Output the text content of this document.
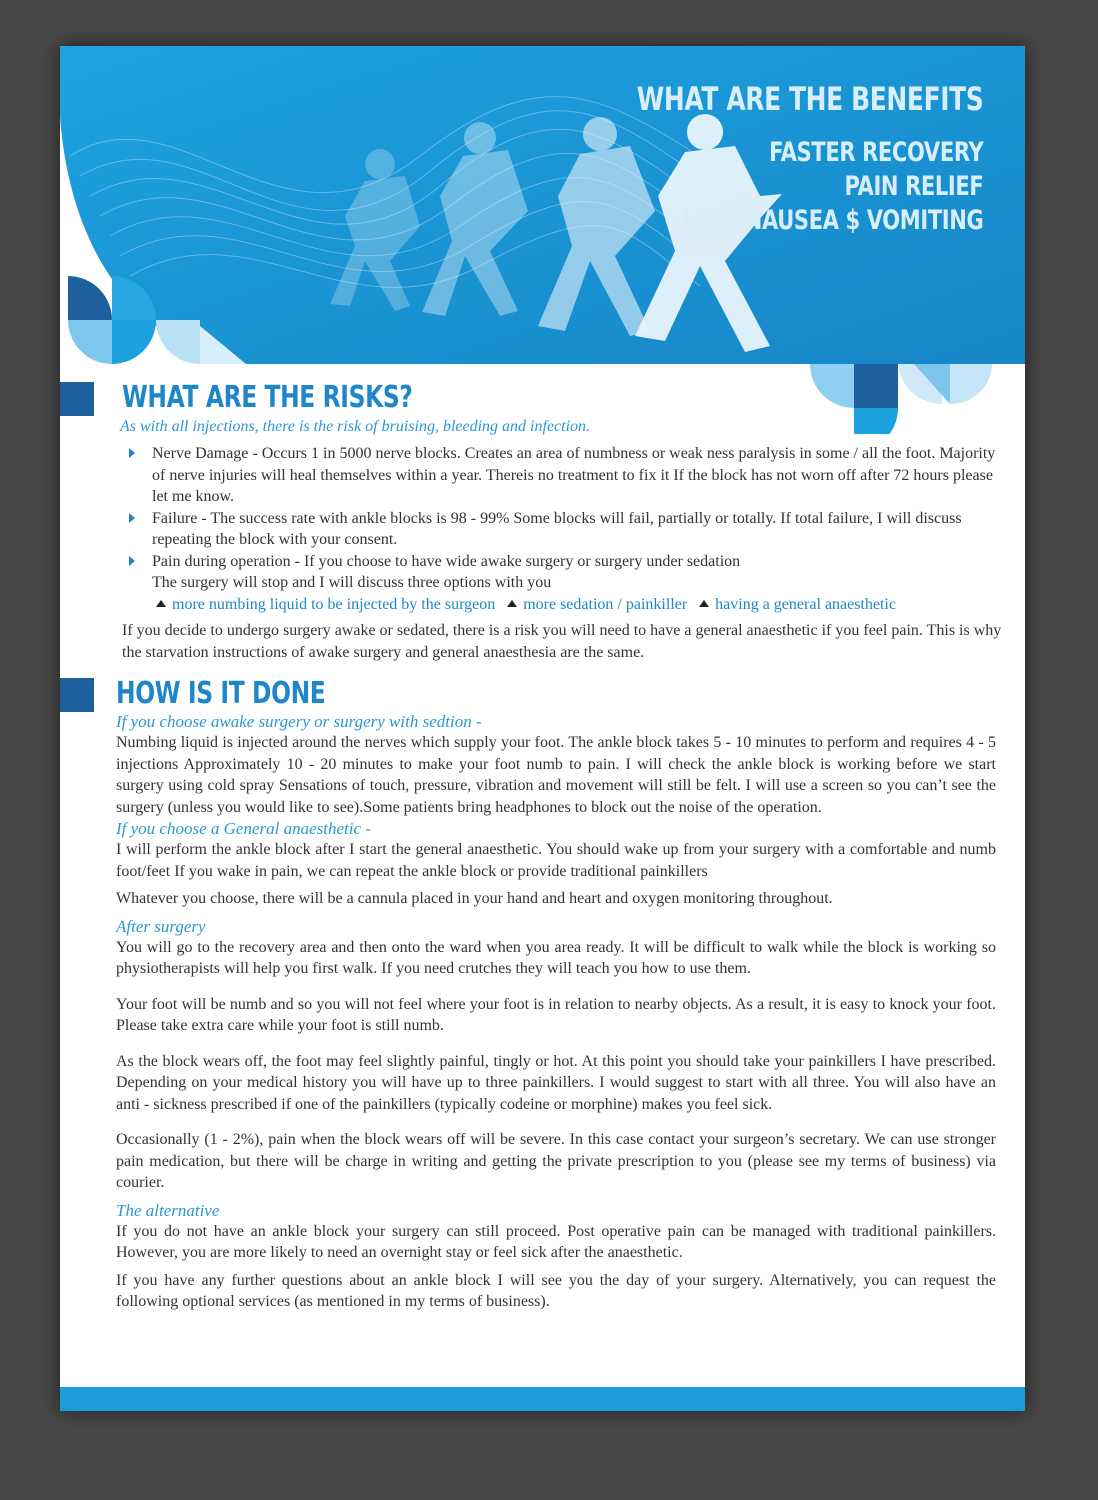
WHAT ARE THE BENEFITS
FASTER RECOVERY
PAIN RELIEF
LESS NAUSEA $ VOMITING
WHAT ARE THE RISKS?
As with all injections, there is the risk of bruising, bleeding and infection.
Nerve Damage - Occurs 1 in 5000 nerve blocks. Creates an area of numbness or weak ness paralysis in some / all the foot. Majority of nerve injuries will heal themselves within a year. Thereis no treatment to fix it If the block has not worn off after 72 hours please let me know.
Failure - The success rate with ankle blocks is 98 - 99% Some blocks will fail, partially or totally. If total failure, I will discuss repeating the block with your consent.
Pain during operation - If you choose to have wide awake surgery or surgery under sedation
The surgery will stop and I will discuss three options with you
more numbing liquid to be injected by the surgeon more sedation / painkiller having a general anaesthetic
If you decide to undergo surgery awake or sedated, there is a risk you will need to have a general anaesthetic if you feel pain. This is why the starvation instructions of awake surgery and general anaesthesia are the same.
HOW IS IT DONE
If you choose awake surgery or surgery with sedtion -

Numbing liquid is injected around the nerves which supply your foot. The ankle block takes 5 - 10 minutes to perform and requires 4 - 5 injections Approximately 10 - 20 minutes to make your foot numb to pain. I will check the ankle block is working before we start surgery using cold spray Sensations of touch, pressure, vibration and movement will still be felt. I will use a screen so you can’t see the surgery (unless you would like to see).Some patients bring headphones to block out the noise of the operation.

If you choose a General anaesthetic -

I will perform the ankle block after I start the general anaesthetic. You should wake up from your surgery with a comfortable and numb foot/feet If you wake in pain, we can repeat the ankle block or provide traditional painkillers

Whatever you choose, there will be a cannula placed in your hand and heart and oxygen monitoring throughout.

After surgery

You will go to the recovery area and then onto the ward when you area ready. It will be difficult to walk while the block is working so physiotherapists will help you first walk. If you need crutches they will teach you how to use them.

Your foot will be numb and so you will not feel where your foot is in relation to nearby objects. As a result, it is easy to knock your foot. Please take extra care while your foot is still numb.

As the block wears off, the foot may feel slightly painful, tingly or hot. At this point you should take your painkillers I have prescribed. Depending on your medical history you will have up to three painkillers. I would suggest to start with all three. You will also have an anti - sickness prescribed if one of the painkillers (typically codeine or morphine) makes you feel sick.

Occasionally (1 - 2%), pain when the block wears off will be severe. In this case contact your surgeon’s secretary. We can use stronger pain medication, but there will be charge in writing and getting the private prescription to you (please see my terms of business) via courier.

The alternative

If you do not have an ankle block your surgery can still proceed. Post operative pain can be managed with traditional painkillers. However, you are more likely to need an overnight stay or feel sick after the anaesthetic.

If you have any further questions about an ankle block I will see you the day of your surgery. Alternatively, you can request the following optional services (as mentioned in my terms of business).
